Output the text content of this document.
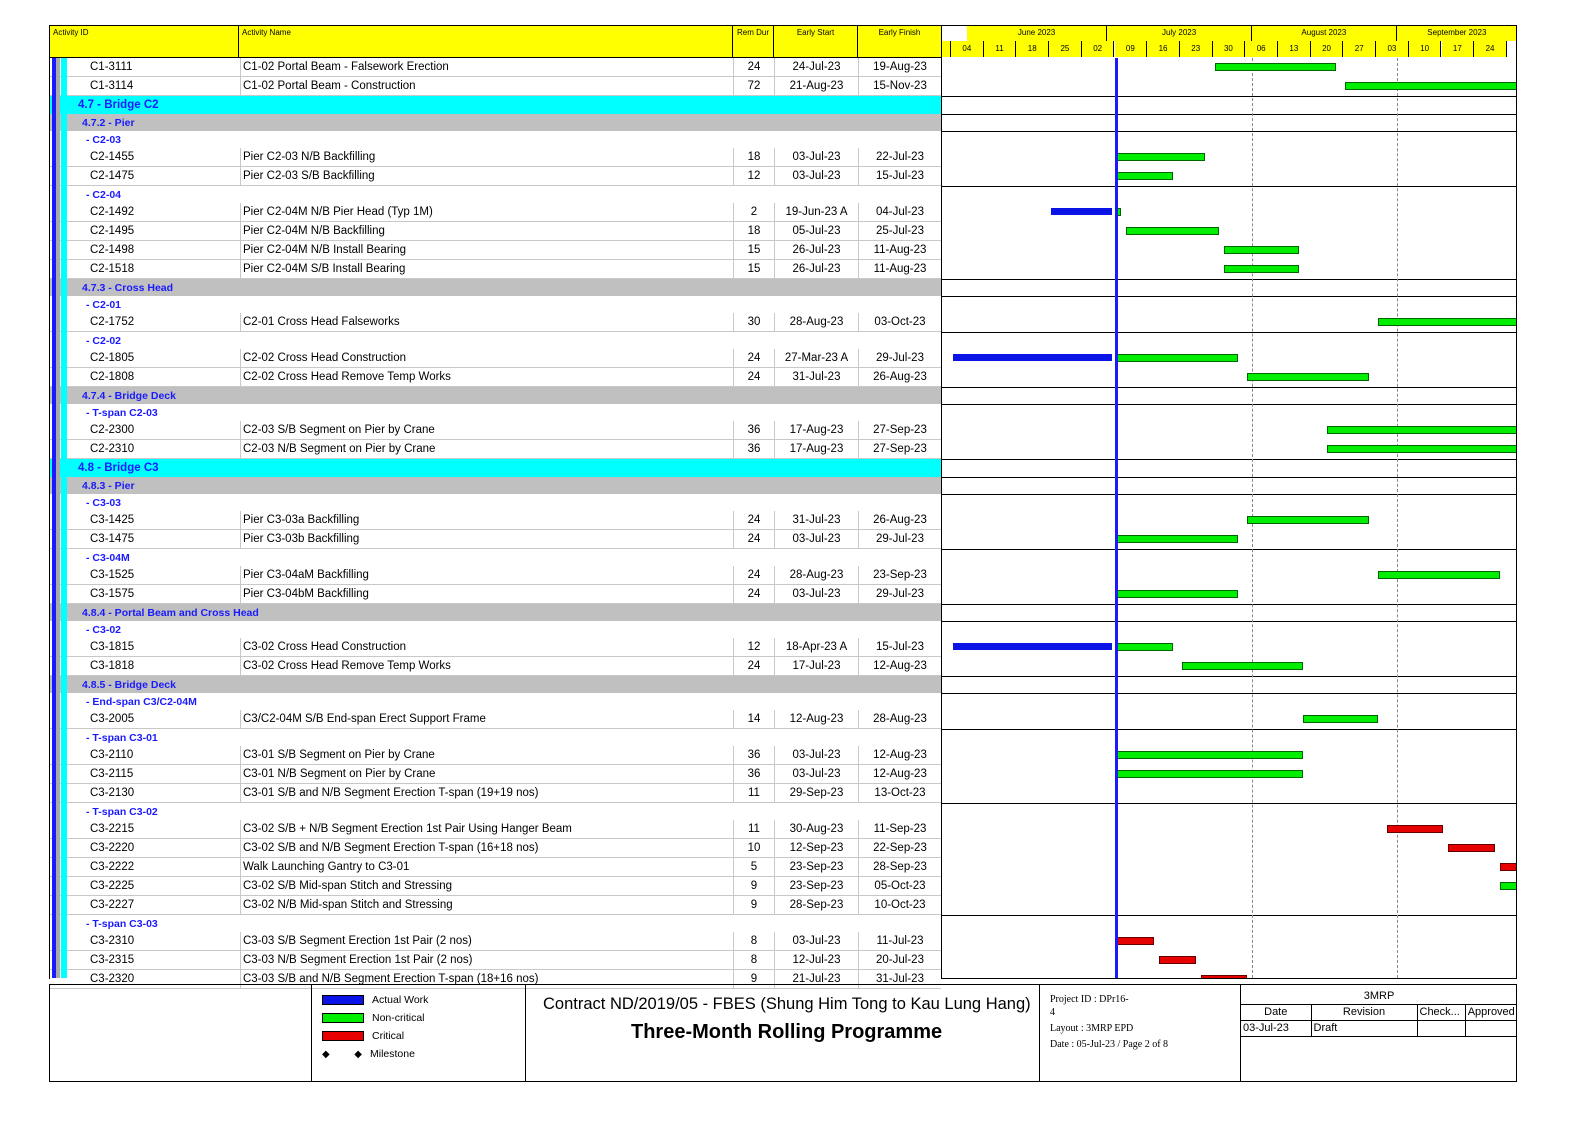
Activity ID	Activity Name	Rem Dur	Early Start	Early Finish
C1-3111	C1-02 Portal Beam - Falsework Erection	24	24-Jul-23	19-Aug-23
C1-3114	C1-02 Portal Beam - Construction	72	21-Aug-23	15-Nov-23
4.7 - Bridge C2
4.7.2 - Pier
- C2-03
C2-1455	Pier C2-03 N/B Backfilling	18	03-Jul-23	22-Jul-23
C2-1475	Pier C2-03 S/B Backfilling	12	03-Jul-23	15-Jul-23
- C2-04
C2-1492	Pier C2-04M N/B Pier Head (Typ 1M)	2	19-Jun-23 A	04-Jul-23
C2-1495	Pier C2-04M N/B Backfilling	18	05-Jul-23	25-Jul-23
C2-1498	Pier C2-04M N/B Install Bearing	15	26-Jul-23	11-Aug-23
C2-1518	Pier C2-04M S/B Install Bearing	15	26-Jul-23	11-Aug-23
4.7.3 - Cross Head
- C2-01
C2-1752	C2-01 Cross Head Falseworks	30	28-Aug-23	03-Oct-23
- C2-02
C2-1805	C2-02 Cross Head Construction	24	27-Mar-23 A	29-Jul-23
C2-1808	C2-02 Cross Head Remove Temp Works	24	31-Jul-23	26-Aug-23
4.7.4 - Bridge Deck
- T-span C2-03
C2-2300	C2-03 S/B Segment on Pier by Crane	36	17-Aug-23	27-Sep-23
C2-2310	C2-03 N/B Segment on Pier by Crane	36	17-Aug-23	27-Sep-23
4.8 - Bridge C3
4.8.3 - Pier
- C3-03
C3-1425	Pier C3-03a Backfilling	24	31-Jul-23	26-Aug-23
C3-1475	Pier C3-03b Backfilling	24	03-Jul-23	29-Jul-23
- C3-04M
C3-1525	Pier C3-04aM Backfilling	24	28-Aug-23	23-Sep-23
C3-1575	Pier C3-04bM Backfilling	24	03-Jul-23	29-Jul-23
4.8.4 - Portal Beam and Cross Head
- C3-02
C3-1815	C3-02 Cross Head Construction	12	18-Apr-23 A	15-Jul-23
C3-1818	C3-02 Cross Head Remove Temp Works	24	17-Jul-23	12-Aug-23
4.8.5 - Bridge Deck
- End-span C3/C2-04M
C3-2005	C3/C2-04M S/B End-span Erect Support Frame	14	12-Aug-23	28-Aug-23
- T-span C3-01
C3-2110	C3-01 S/B Segment on Pier by Crane	36	03-Jul-23	12-Aug-23
C3-2115	C3-01 N/B Segment on Pier by Crane	36	03-Jul-23	12-Aug-23
C3-2130	C3-01 S/B and N/B Segment Erection T-span (19+19 nos)	11	29-Sep-23	13-Oct-23
- T-span C3-02
C3-2215	C3-02 S/B + N/B Segment Erection 1st Pair Using Hanger Beam	11	30-Aug-23	11-Sep-23
C3-2220	C3-02 S/B and N/B Segment Erection T-span (16+18 nos)	10	12-Sep-23	22-Sep-23
C3-2222	Walk Launching Gantry to C3-01	5	23-Sep-23	28-Sep-23
C3-2225	C3-02 S/B Mid-span Stitch and Stressing	9	23-Sep-23	05-Oct-23
C3-2227	C3-02 N/B Mid-span Stitch and Stressing	9	28-Sep-23	10-Oct-23
- T-span C3-03
C3-2310	C3-03 S/B Segment Erection 1st Pair (2 nos)	8	03-Jul-23	11-Jul-23
C3-2315	C3-03 N/B Segment Erection 1st Pair (2 nos)	8	12-Jul-23	20-Jul-23
C3-2320	C3-03 S/B and N/B Segment Erection T-span (18+16 nos)	9	21-Jul-23	31-Jul-23
June 2023	July 2023	August 2023	September 2023
04	11	18	25	02	09	16	23	30	06	13	20	27	03	10	17	24
Actual Work
Non-critical
Critical
◆ ◆ Milestone
Contract ND/2019/05 - FBES (Shung Him Tong to Kau Lung Hang)
Three-Month Rolling Programme
Project ID : DPr16-
4
Layout : 3MRP EPD
Date : 05-Jul-23 / Page 2 of 8
3MRP			
Date	Revision	Check...	Approved
03-Jul-23	Draft		
